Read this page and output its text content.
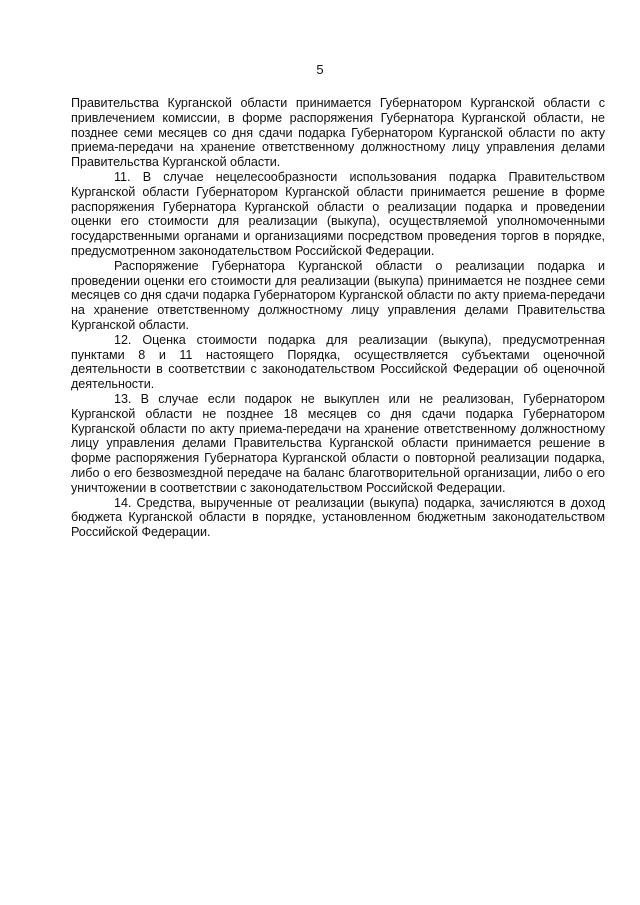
5

Правительства Курганской области принимается Губернатором Курганской области с привлечением комиссии, в форме распоряжения Губернатора Курганской области, не позднее семи месяцев со дня сдачи подарка Губернатором Курганской области по акту приема-передачи на хранение ответственному должностному лицу управления делами Правительства Курганской области.

11. В случае нецелесообразности использования подарка Правительством Курганской области Губернатором Курганской области принимается решение в форме распоряжения Губернатора Курганской области о реализации подарка и проведении оценки его стоимости для реализации (выкупа), осуществляемой уполномоченными государственными органами и организациями посредством проведения торгов в порядке, предусмотренном законодательством Российской Федерации.

Распоряжение Губернатора Курганской области о реализации подарка и проведении оценки его стоимости для реализации (выкупа) принимается не позднее семи месяцев со дня сдачи подарка Губернатором Курганской области по акту приема-передачи на хранение ответственному должностному лицу управления делами Правительства Курганской области.

12. Оценка стоимости подарка для реализации (выкупа), предусмотренная пунктами 8 и 11 настоящего Порядка, осуществляется субъектами оценочной деятельности в соответствии с законодательством Российской Федерации об оценочной деятельности.

13. В случае если подарок не выкуплен или не реализован, Губернатором Курганской области не позднее 18 месяцев со дня сдачи подарка Губернатором Курганской области по акту приема-передачи на хранение ответственному должностному лицу управления делами Правительства Курганской области принимается решение в форме распоряжения Губернатора Курганской области о повторной реализации подарка, либо о его безвозмездной передаче на баланс благотворительной организации, либо о его уничтожении в соответствии с законодательством Российской Федерации.

14. Средства, вырученные от реализации (выкупа) подарка, зачисляются в доход бюджета Курганской области в порядке, установленном бюджетным законодательством Российской Федерации.
